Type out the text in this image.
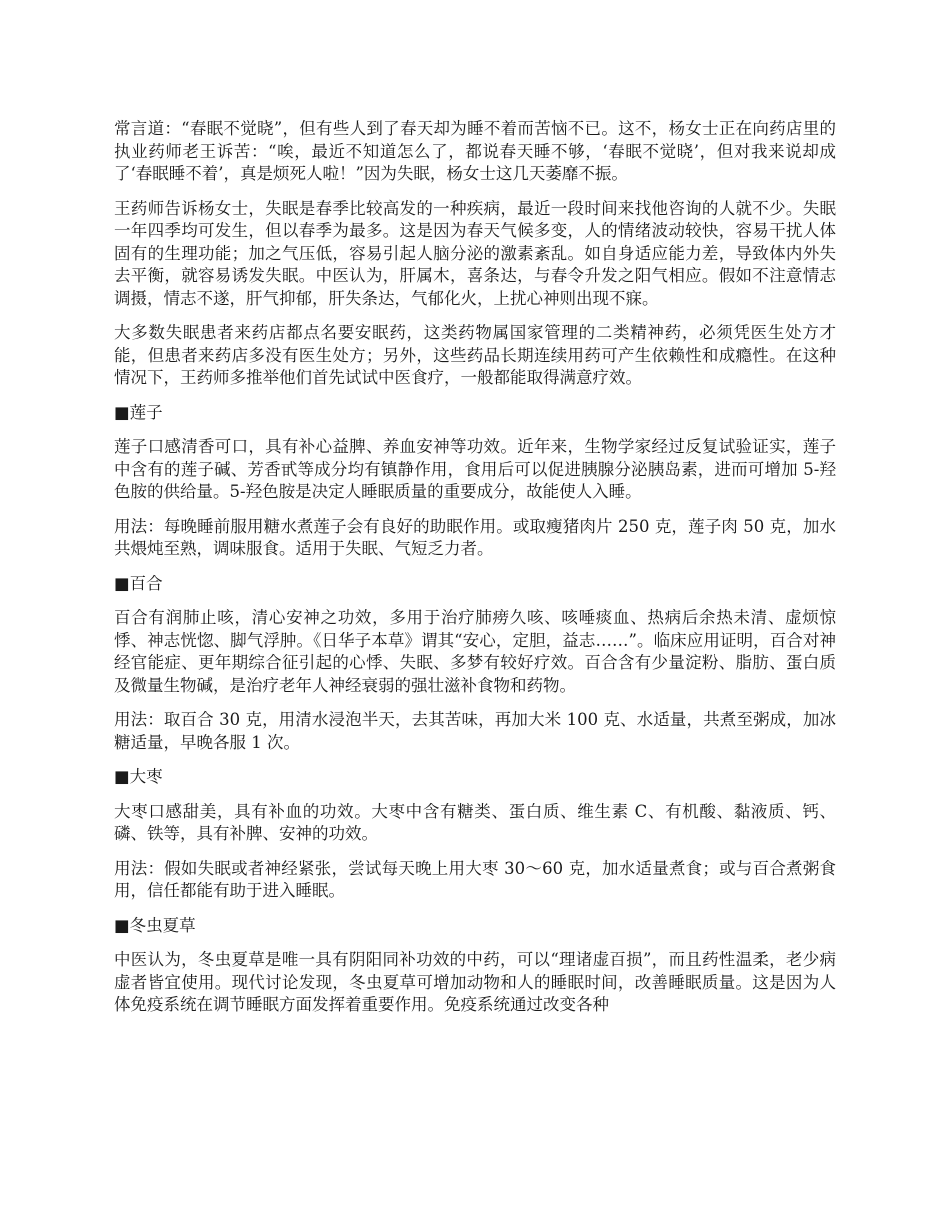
常言道：“春眠不觉晓”，但有些人到了春天却为睡不着而苦恼不已。这不，杨女士正在向药店里的执业药师老王诉苦：“唉，最近不知道怎么了，都说春天睡不够，‘春眠不觉晓’，但对我来说却成了‘春眠睡不着’，真是烦死人啦！”因为失眠，杨女士这几天萎靡不振。

王药师告诉杨女士，失眠是春季比较高发的一种疾病，最近一段时间来找他咨询的人就不少。失眠一年四季均可发生，但以春季为最多。这是因为春天气候多变，人的情绪波动较快，容易干扰人体固有的生理功能；加之气压低，容易引起人脑分泌的激素紊乱。如自身适应能力差，导致体内外失去平衡，就容易诱发失眠。中医认为，肝属木，喜条达，与春令升发之阳气相应。假如不注意情志调摄，情志不遂，肝气抑郁，肝失条达，气郁化火，上扰心神则出现不寐。

大多数失眠患者来药店都点名要安眠药，这类药物属国家管理的二类精神药，必须凭医生处方才能，但患者来药店多没有医生处方；另外，这些药品长期连续用药可产生依赖性和成瘾性。在这种情况下，王药师多推举他们首先试试中医食疗，一般都能取得满意疗效。

■莲子

莲子口感清香可口，具有补心益脾、养血安神等功效。近年来，生物学家经过反复试验证实，莲子中含有的莲子碱、芳香甙等成分均有镇静作用，食用后可以促进胰腺分泌胰岛素，进而可增加 5-羟色胺的供给量。5-羟色胺是决定人睡眠质量的重要成分，故能使人入睡。

用法：每晚睡前服用糖水煮莲子会有良好的助眠作用。或取瘦猪肉片 250 克，莲子肉 50 克，加水共煨炖至熟，调味服食。适用于失眠、气短乏力者。

■百合

百合有润肺止咳，清心安神之功效，多用于治疗肺痨久咳、咳唾痰血、热病后余热未清、虚烦惊悸、神志恍惚、脚气浮肿。《日华子本草》谓其“安心，定胆，益志……”。临床应用证明，百合对神经官能症、更年期综合征引起的心悸、失眠、多梦有较好疗效。百合含有少量淀粉、脂肪、蛋白质及微量生物碱，是治疗老年人神经衰弱的强壮滋补食物和药物。

用法：取百合 30 克，用清水浸泡半天，去其苦味，再加大米 100 克、水适量，共煮至粥成，加冰糖适量，早晚各服 1 次。

■大枣

大枣口感甜美，具有补血的功效。大枣中含有糖类、蛋白质、维生素 C、有机酸、黏液质、钙、磷、铁等，具有补脾、安神的功效。

用法：假如失眠或者神经紧张，尝试每天晚上用大枣 30～60 克，加水适量煮食；或与百合煮粥食用，信任都能有助于进入睡眠。

■冬虫夏草

中医认为，冬虫夏草是唯一具有阴阳同补功效的中药，可以“理诸虚百损”，而且药性温柔，老少病虚者皆宜使用。现代讨论发现，冬虫夏草可增加动物和人的睡眠时间，改善睡眠质量。这是因为人体免疫系统在调节睡眠方面发挥着重要作用。免疫系统通过改变各种
